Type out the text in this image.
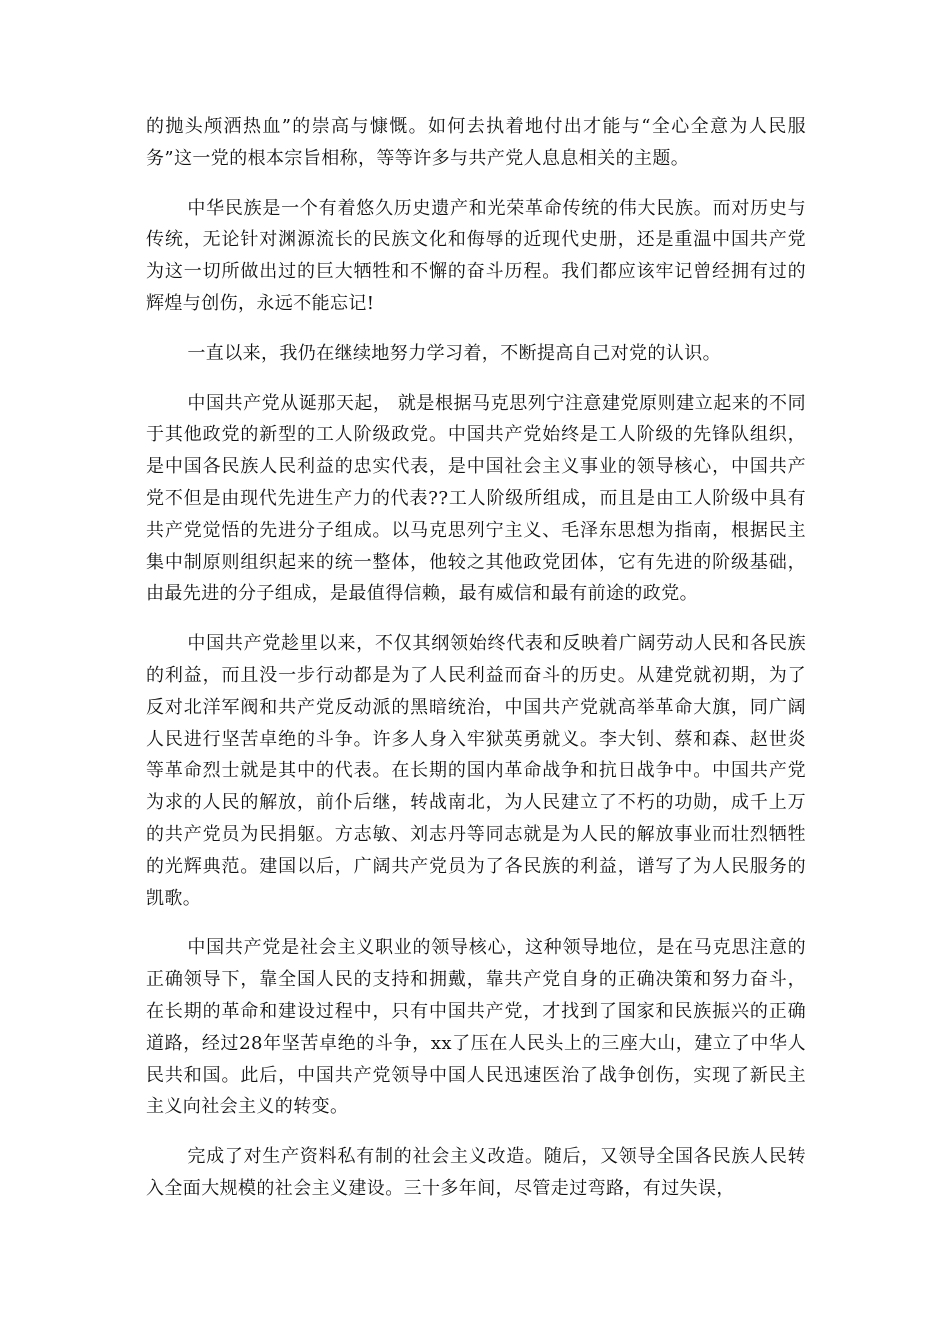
的抛头颅洒热血”的崇高与慷慨。如何去执着地付出才能与“全心全意为人民服务”这一党的根本宗旨相称，等等许多与共产党人息息相关的主题。

中华民族是一个有着悠久历史遗产和光荣革命传统的伟大民族。而对历史与传统，无论针对渊源流长的民族文化和侮辱的近现代史册，还是重温中国共产党为这一切所做出过的巨大牺牲和不懈的奋斗历程。我们都应该牢记曾经拥有过的辉煌与创伤，永远不能忘记!

一直以来，我仍在继续地努力学习着，不断提高自己对党的认识。

中国共产党从诞那天起， 就是根据马克思列宁注意建党原则建立起来的不同于其他政党的新型的工人阶级政党。中国共产党始终是工人阶级的先锋队组织，是中国各民族人民利益的忠实代表，是中国社会主义事业的领导核心，中国共产党不但是由现代先进生产力的代表??工人阶级所组成，而且是由工人阶级中具有共产党觉悟的先进分子组成。以马克思列宁主义、毛泽东思想为指南，根据民主集中制原则组织起来的统一整体，他较之其他政党团体，它有先进的阶级基础，由最先进的分子组成，是最值得信赖，最有威信和最有前途的政党。

中国共产党趁里以来，不仅其纲领始终代表和反映着广阔劳动人民和各民族的利益，而且没一步行动都是为了人民利益而奋斗的历史。从建党就初期，为了反对北洋军阀和共产党反动派的黑暗统治，中国共产党就高举革命大旗，同广阔人民进行坚苦卓绝的斗争。许多人身入牢狱英勇就义。李大钊、蔡和森、赵世炎等革命烈士就是其中的代表。在长期的国内革命战争和抗日战争中。中国共产党为求的人民的解放，前仆后继，转战南北，为人民建立了不朽的功勋，成千上万的共产党员为民捐躯。方志敏、刘志丹等同志就是为人民的解放事业而壮烈牺牲的光辉典范。建国以后，广阔共产党员为了各民族的利益，谱写了为人民服务的凯歌。

中国共产党是社会主义职业的领导核心，这种领导地位，是在马克思注意的正确领导下，靠全国人民的支持和拥戴，靠共产党自身的正确决策和努力奋斗，在长期的革命和建设过程中，只有中国共产党，才找到了国家和民族振兴的正确道路，经过28年坚苦卓绝的斗争，xx了压在人民头上的三座大山，建立了中华人民共和国。此后，中国共产党领导中国人民迅速医治了战争创伤，实现了新民主主义向社会主义的转变。

完成了对生产资料私有制的社会主义改造。随后，又领导全国各民族人民转入全面大规模的社会主义建设。三十多年间，尽管走过弯路，有过失误，
